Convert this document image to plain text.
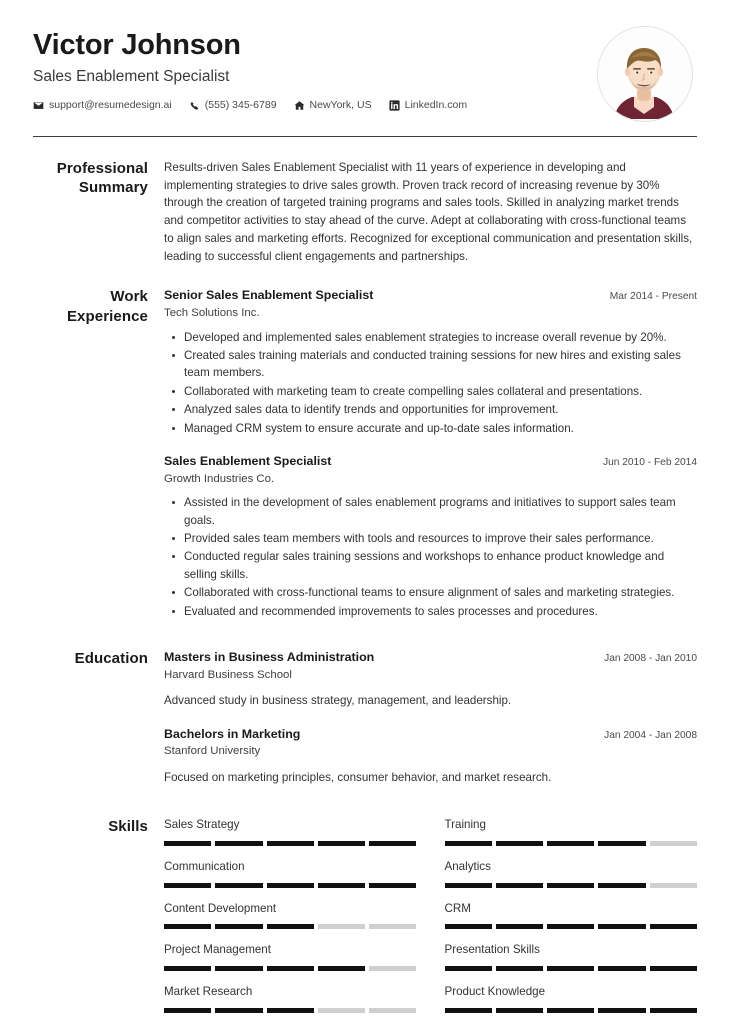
Victor Johnson
Sales Enablement Specialist
support@resumedesign.ai	(555) 345-6789	NewYork, US	LinkedIn.com
Professional Summary
Results-driven Sales Enablement Specialist with 11 years of experience in developing and implementing strategies to drive sales growth. Proven track record of increasing revenue by 30% through the creation of targeted training programs and sales tools. Skilled in analyzing market trends and competitor activities to stay ahead of the curve. Adept at collaborating with cross-functional teams to align sales and marketing efforts. Recognized for exceptional communication and presentation skills, leading to successful client engagements and partnerships.
Work Experience
Senior Sales Enablement Specialist	Mar 2014 - Present
Tech Solutions Inc.
Developed and implemented sales enablement strategies to increase overall revenue by 20%.
Created sales training materials and conducted training sessions for new hires and existing sales team members.
Collaborated with marketing team to create compelling sales collateral and presentations.
Analyzed sales data to identify trends and opportunities for improvement.
Managed CRM system to ensure accurate and up-to-date sales information.
Sales Enablement Specialist	Jun 2010 - Feb 2014
Growth Industries Co.
Assisted in the development of sales enablement programs and initiatives to support sales team goals.
Provided sales team members with tools and resources to improve their sales performance.
Conducted regular sales training sessions and workshops to enhance product knowledge and selling skills.
Collaborated with cross-functional teams to ensure alignment of sales and marketing strategies.
Evaluated and recommended improvements to sales processes and procedures.
Education	Masters in Business Administration	Jan 2008 - Jan 2010
Harvard Business School
Advanced study in business strategy, management, and leadership.
Bachelors in Marketing	Jan 2004 - Jan 2008
Stanford University
Focused on marketing principles, consumer behavior, and market research.
Skills	Sales Strategy	Training
Communication	Analytics
Content Development	CRM
Project Management	Presentation Skills
Market Research	Product Knowledge
